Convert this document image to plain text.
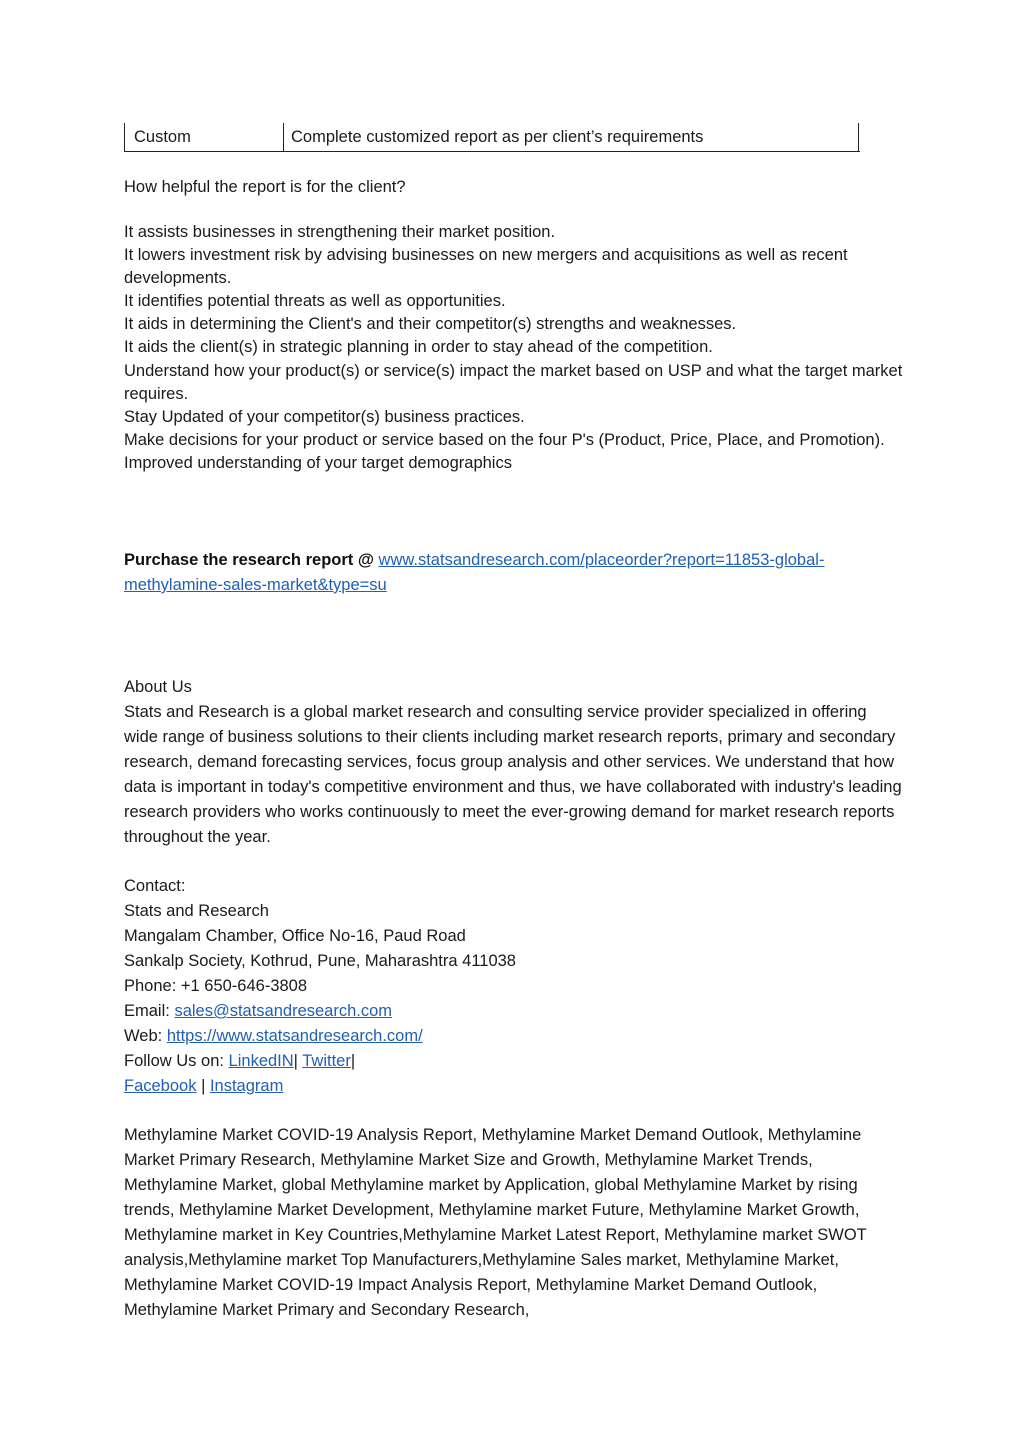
Custom	Complete customized report as per client’s requirements
How helpful the report is for the client?
It assists businesses in strengthening their market position.
It lowers investment risk by advising businesses on new mergers and acquisitions as well as recent developments.
It identifies potential threats as well as opportunities.
It aids in determining the Client's and their competitor(s) strengths and weaknesses.
It aids the client(s) in strategic planning in order to stay ahead of the competition.
Understand how your product(s) or service(s) impact the market based on USP and what the target market requires.
Stay Updated of your competitor(s) business practices.
Make decisions for your product or service based on the four P's (Product, Price, Place, and Promotion).
Improved understanding of your target demographics
Purchase the research report @ www.statsandresearch.com/placeorder?report=11853-global-methylamine-sales-market&type=su
About Us
Stats and Research is a global market research and consulting service provider specialized in offering wide range of business solutions to their clients including market research reports, primary and secondary research, demand forecasting services, focus group analysis and other services. We understand that how data is important in today's competitive environment and thus, we have collaborated with industry's leading research providers who works continuously to meet the ever-growing demand for market research reports throughout the year.
Contact:
Stats and Research
Mangalam Chamber, Office No-16, Paud Road
Sankalp Society, Kothrud, Pune, Maharashtra 411038
Phone: +1 650-646-3808
Email: sales@statsandresearch.com
Web: https://www.statsandresearch.com/
Follow Us on: LinkedIN| Twitter|
Facebook | Instagram
Methylamine Market COVID-19 Analysis Report, Methylamine Market Demand Outlook, Methylamine Market Primary Research, Methylamine Market Size and Growth, Methylamine Market Trends, Methylamine Market, global Methylamine market by Application, global Methylamine Market by rising trends, Methylamine Market Development, Methylamine market Future, Methylamine Market Growth, Methylamine market in Key Countries,Methylamine Market Latest Report, Methylamine market SWOT analysis,Methylamine market Top Manufacturers,Methylamine Sales market, Methylamine Market, Methylamine Market COVID-19 Impact Analysis Report, Methylamine Market Demand Outlook, Methylamine Market Primary and Secondary Research,
